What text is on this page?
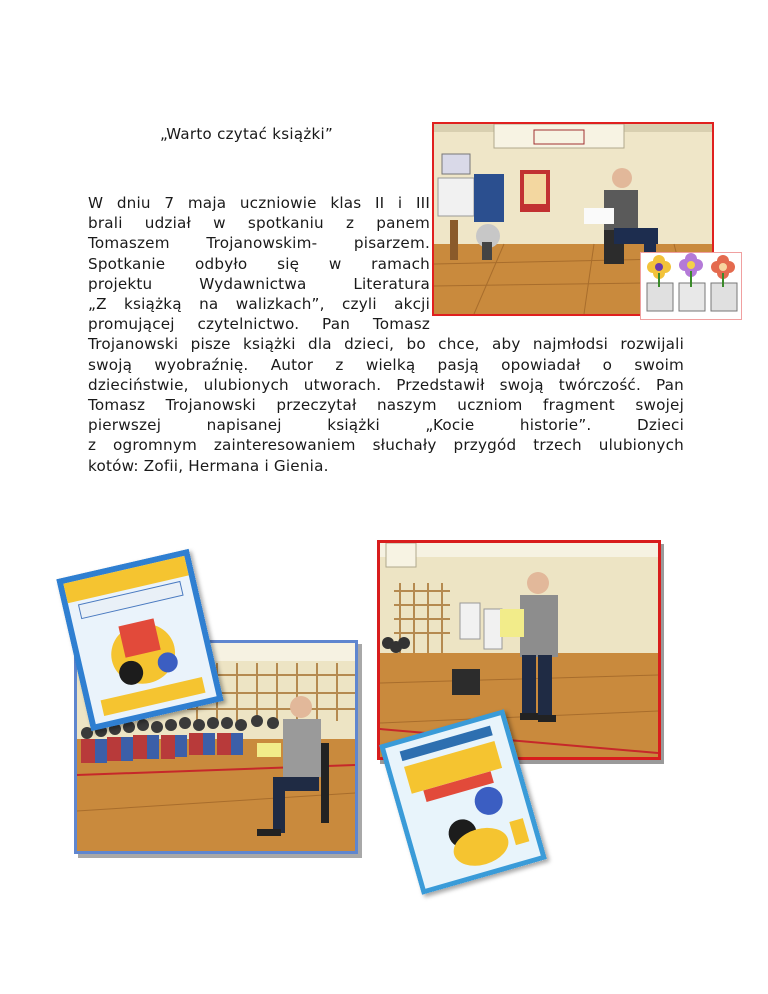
„Warto czytać książki”
W dniu 7 maja uczniowie klas II i III
brali udział w spotkaniu z panem
Tomaszem Trojanowskim- pisarzem.
Spotkanie odbyło się w ramach
projektu Wydawnictwa Literatura
„Z książką na walizkach”, czyli akcji
promującej czytelnictwo. Pan Tomasz
Trojanowski pisze książki dla dzieci, bo chce, aby najmłodsi rozwijali
swoją wyobraźnię. Autor z wielką pasją opowiadał o swoim
dzieciństwie, ulubionych utworach. Przedstawił swoją twórczość. Pan
Tomasz Trojanowski przeczytał naszym uczniom fragment swojej
pierwszej napisanej książki „Kocie historie”. Dzieci
z ogromnym zainteresowaniem słuchały przygód trzech ulubionych
kotów: Zofii, Hermana i Gienia.
